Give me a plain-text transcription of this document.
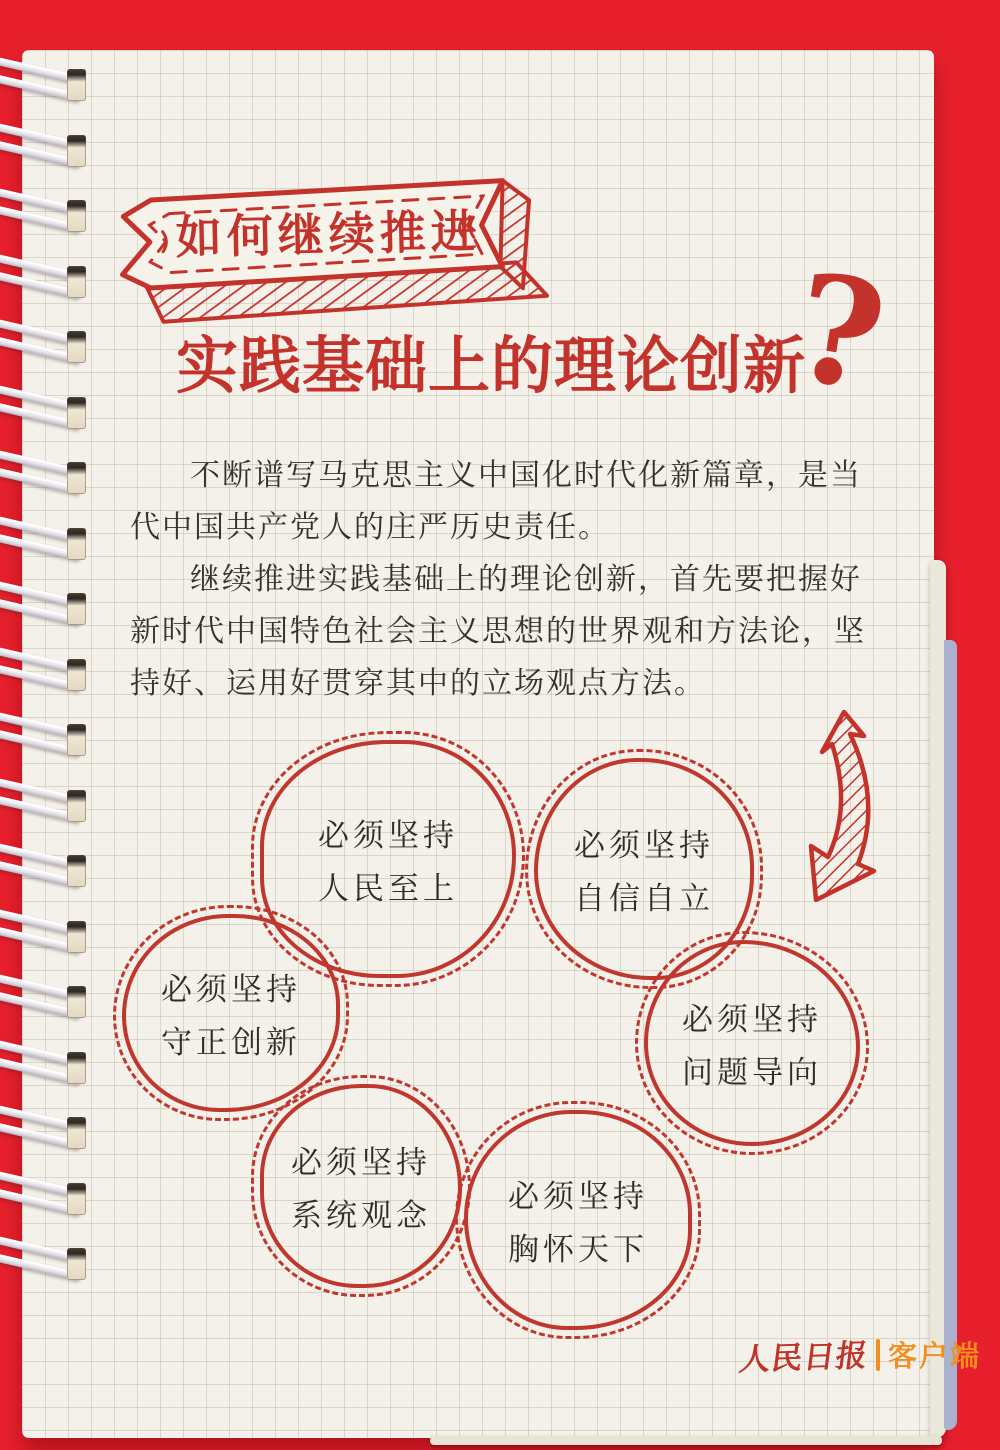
如何继续推进
实践基础上的理论创新
?
不断谱写马克思主义中国化时代化新篇章，是当代中国共产党人的庄严历史责任。
继续推进实践基础上的理论创新，首先要把握好新时代中国特色社会主义思想的世界观和方法论，坚持好、运用好贯穿其中的立场观点方法。
必须坚持
人民至上
必须坚持
自信自立
必须坚持
守正创新
必须坚持
问题导向
必须坚持
系统观念
必须坚持
胸怀天下
人民日报 客户端
